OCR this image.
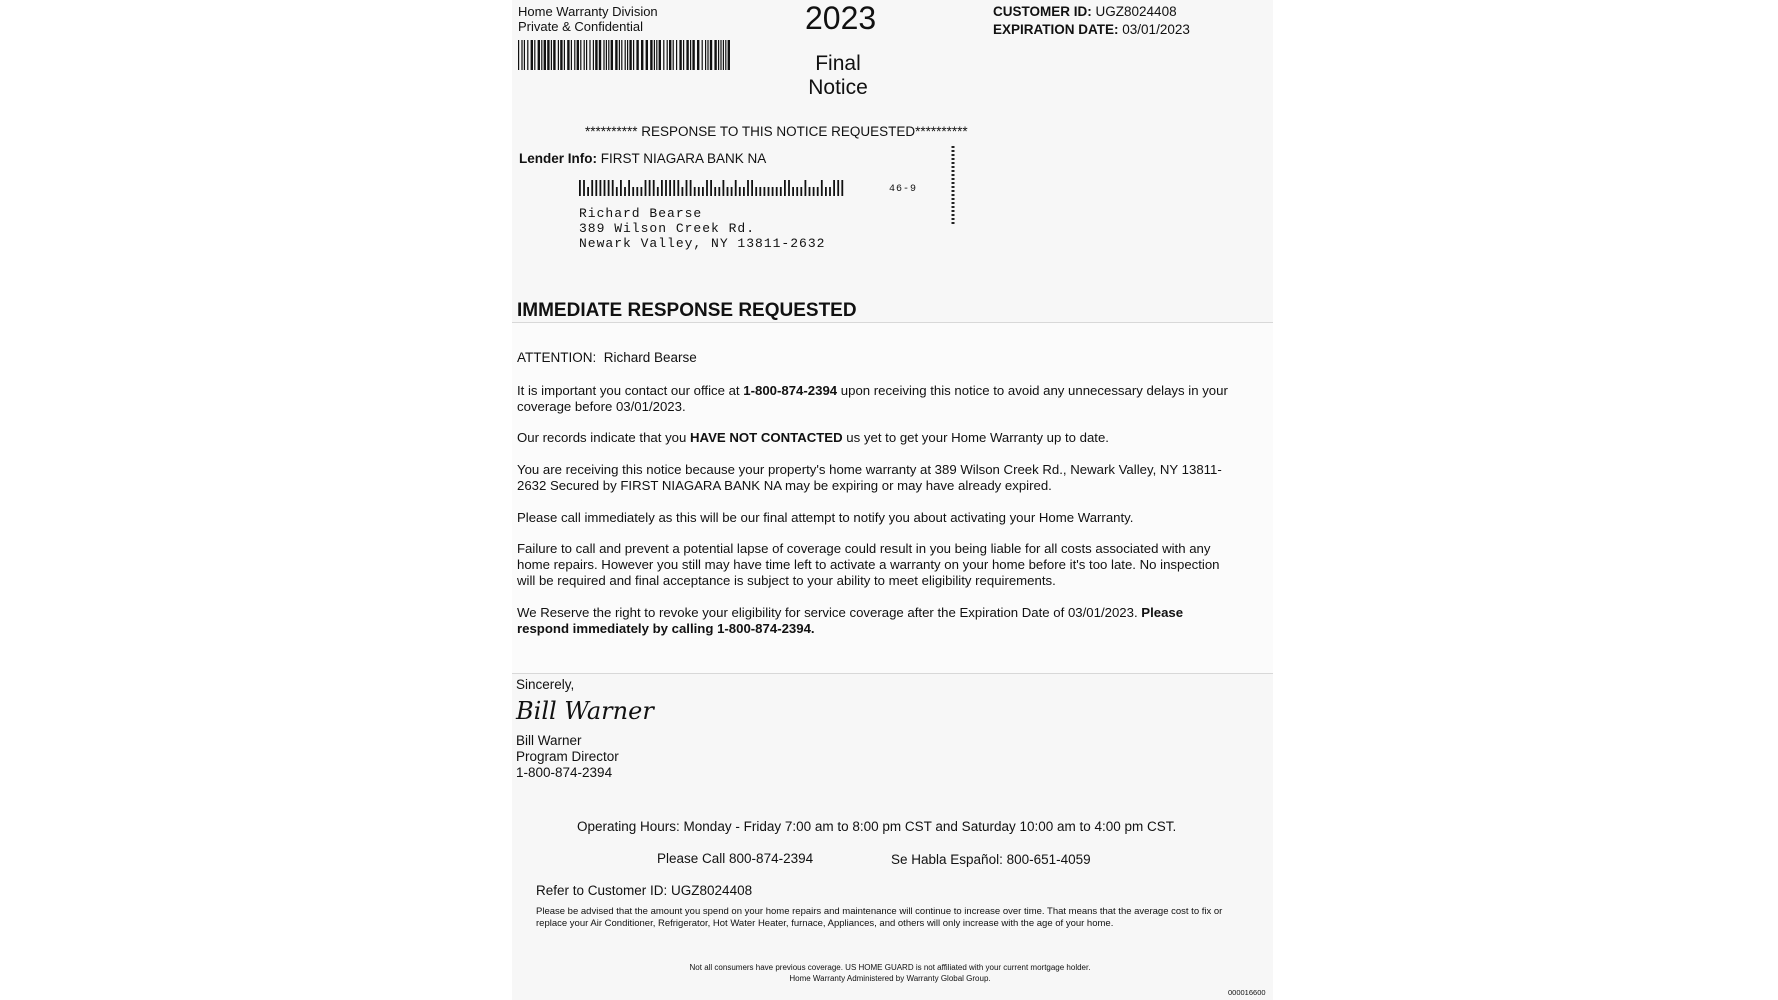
Home Warranty Division
Private & Confidential	2023
Final
Notice
CUSTOMER ID: UGZ8024408
EXPIRATION DATE: 03/01/2023
********** RESPONSE TO THIS NOTICE REQUESTED**********
Lender Info: FIRST NIAGARA BANK NA
46-9
Richard Bearse
389 Wilson Creek Rd.
Newark Valley, NY 13811-2632
IMMEDIATE RESPONSE REQUESTED
ATTENTION: Richard Bearse
It is important you contact our office at 1-800-874-2394 upon receiving this notice to avoid any unnecessary delays in your coverage before 03/01/2023.
Our records indicate that you HAVE NOT CONTACTED us yet to get your Home Warranty up to date.
You are receiving this notice because your property's home warranty at 389 Wilson Creek Rd., Newark Valley, NY 13811-2632 Secured by FIRST NIAGARA BANK NA may be expiring or may have already expired.
Please call immediately as this will be our final attempt to notify you about activating your Home Warranty.
Failure to call and prevent a potential lapse of coverage could result in you being liable for all costs associated with any home repairs. However you still may have time left to activate a warranty on your home before it's too late. No inspection will be required and final acceptance is subject to your ability to meet eligibility requirements.
We Reserve the right to revoke your eligibility for service coverage after the Expiration Date of 03/01/2023. Please respond immediately by calling 1-800-874-2394.
Sincerely,
Bill Warner
Bill Warner
Program Director
1-800-874-2394
Operating Hours: Monday - Friday 7:00 am to 8:00 pm CST and Saturday 10:00 am to 4:00 pm CST.
Please Call 800-874-2394	Se Habla Español: 800-651-4059
Refer to Customer ID: UGZ8024408
Please be advised that the amount you spend on your home repairs and maintenance will continue to increase over time. That means that the average cost to fix or replace your Air Conditioner, Refrigerator, Hot Water Heater, furnace, Appliances, and others will only increase with the age of your home.
Not all consumers have previous coverage. US HOME GUARD is not affiliated with your current mortgage holder.
Home Warranty Administered by Warranty Global Group.
000016600
